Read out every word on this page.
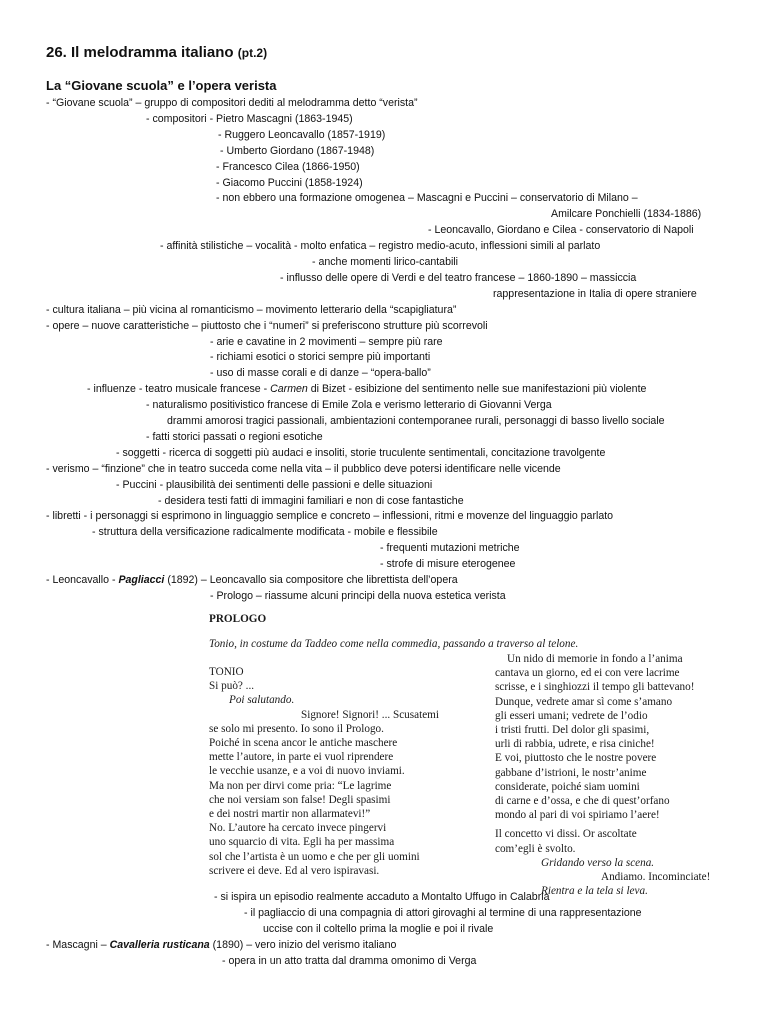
26. Il melodramma italiano (pt.2)
La “Giovane scuola” e l’opera verista
- “Giovane scuola” – gruppo di compositori dediti al melodramma detto “verista”
- compositori - Pietro Mascagni (1863-1945)
- Ruggero Leoncavallo (1857-1919)
- Umberto Giordano (1867-1948)
- Francesco Cilea (1866-1950)
- Giacomo Puccini (1858-1924)
- non ebbero una formazione omogenea – Mascagni e Puccini – conservatorio di Milano –
Amilcare Ponchielli (1834-1886)
- Leoncavallo, Giordano e Cilea - conservatorio di Napoli
- affinità stilistiche – vocalità - molto enfatica – registro medio-acuto, inflessioni simili al parlato
- anche momenti lirico-cantabili
- influsso delle opere di Verdi e del teatro francese – 1860-1890 – massiccia
rappresentazione in Italia di opere straniere
- cultura italiana – più vicina al romanticismo – movimento letterario della “scapigliatura”
- opere – nuove caratteristiche – piuttosto che i “numeri” si preferiscono strutture più scorrevoli
- arie e cavatine in 2 movimenti – sempre più rare
- richiami esotici o storici sempre più importanti
- uso di masse corali e di danze – “opera-ballo”
- influenze - teatro musicale francese - Carmen di Bizet - esibizione del sentimento nelle sue manifestazioni più violente
- naturalismo positivistico francese di Emile Zola e verismo letterario di Giovanni Verga
drammi amorosi tragici passionali, ambientazioni contemporanee rurali, personaggi di basso livello sociale
- fatti storici passati o regioni esotiche
- soggetti - ricerca di soggetti più audaci e insoliti, storie truculente sentimentali, concitazione travolgente
- verismo – “finzione” che in teatro succeda come nella vita – il pubblico deve potersi identificare nelle vicende
- Puccini - plausibilità dei sentimenti delle passioni e delle situazioni
- desidera testi fatti di immagini familiari e non di cose fantastiche
- libretti - i personaggi si esprimono in linguaggio semplice e concreto – inflessioni, ritmi e movenze del linguaggio parlato
- struttura della versificazione radicalmente modificata - mobile e flessibile
- frequenti mutazioni metriche
- strofe di misure eterogenee
- Leoncavallo - Pagliacci (1892) – Leoncavallo sia compositore che librettista dell’opera
- Prologo – riassume alcuni principi della nuova estetica verista
PROLOGO
Tonio, in costume da Taddeo come nella commedia, passando a traverso al telone.
TONIO
Si può? ...
Poi salutando.
Signore! Signori! ... Scusatemi
se solo mi presento. Io sono il Prologo.
Poiché in scena ancor le antiche maschere
mette l’autore, in parte ei vuol riprendere
le vecchie usanze, e a voi di nuovo inviami.
Ma non per dirvi come pria: “Le lagrime
che noi versiam son false! Degli spasimi
e dei nostri martir non allarmatevi!”
No. L’autore ha cercato invece pingervi
uno squarcio di vita. Egli ha per massima
sol che l’artista è un uomo e che per gli uomini
scrivere ei deve. Ed al vero ispiravasi.
Un nido di memorie in fondo a l’anima
cantava un giorno, ed ei con vere lacrime
scrisse, e i singhiozzi il tempo gli battevano!
Dunque, vedrete amar sì come s’amano
gli esseri umani; vedrete de l’odio
i tristi frutti. Del dolor gli spasimi,
urli di rabbia, udrete, e risa ciniche!
E voi, piuttosto che le nostre povere
gabbane d’istrioni, le nostr’anime
considerate, poiché siam uomini
di carne e d’ossa, e che di quest’orfano
mondo al pari di voi spiriamo l’aere!
Il concetto vi dissi. Or ascoltate
com’egli è svolto.
Gridando verso la scena.
Andiamo. Incominciate!
Rientra e la tela si leva.
- si ispira un episodio realmente accaduto a Montalto Uffugo in Calabria
- il pagliaccio di una compagnia di attori girovaghi al termine di una rappresentazione
uccise con il coltello prima la moglie e poi il rivale
- Mascagni – Cavalleria rusticana (1890) – vero inizio del verismo italiano
- opera in un atto tratta dal dramma omonimo di Verga
